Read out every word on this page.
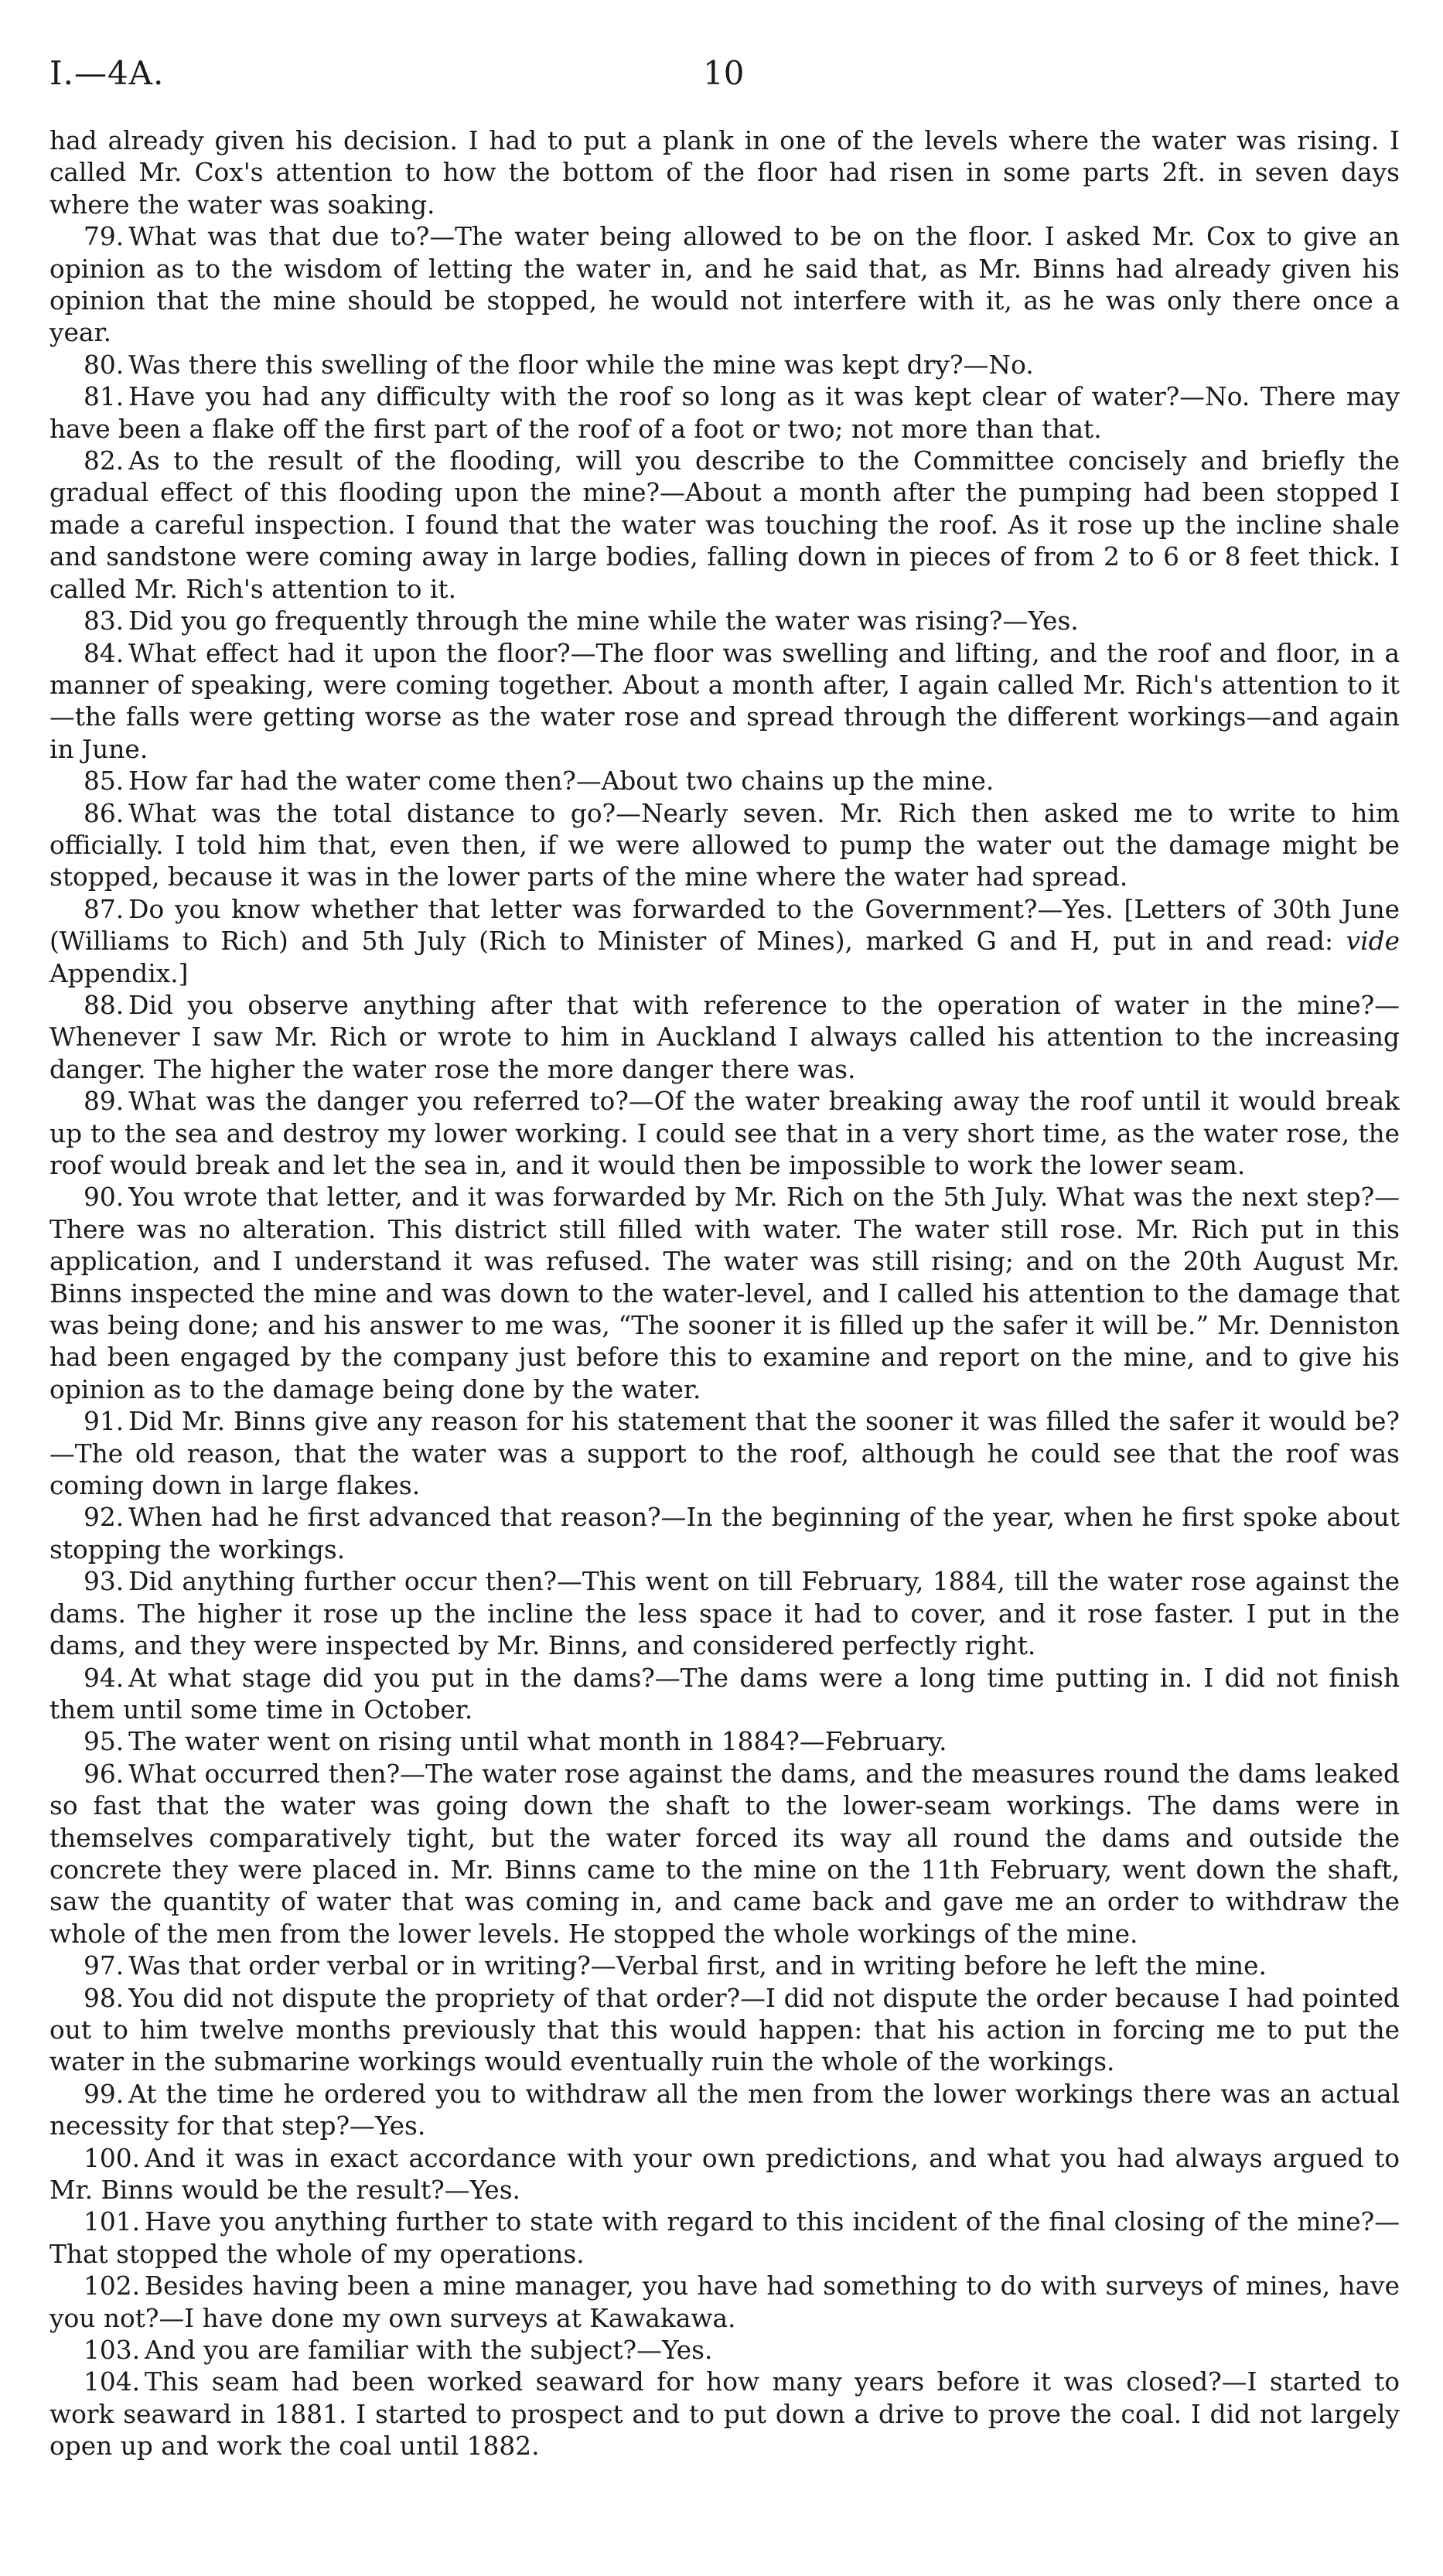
I.—4A.	10

had already given his decision. I had to put a plank in one of the levels where the water was rising. I called Mr. Cox's attention to how the bottom of the floor had risen in some parts 2ft. in seven days where the water was soaking.

79. What was that due to?—The water being allowed to be on the floor. I asked Mr. Cox to give an opinion as to the wisdom of letting the water in, and he said that, as Mr. Binns had already given his opinion that the mine should be stopped, he would not interfere with it, as he was only there once a year.

80. Was there this swelling of the floor while the mine was kept dry?—No.

81. Have you had any difficulty with the roof so long as it was kept clear of water?—No. There may have been a flake off the first part of the roof of a foot or two; not more than that.

82. As to the result of the flooding, will you describe to the Committee concisely and briefly the gradual effect of this flooding upon the mine?—About a month after the pumping had been stopped I made a careful inspection. I found that the water was touching the roof. As it rose up the incline shale and sandstone were coming away in large bodies, falling down in pieces of from 2 to 6 or 8 feet thick. I called Mr. Rich's attention to it.

83. Did you go frequently through the mine while the water was rising?—Yes.

84. What effect had it upon the floor?—The floor was swelling and lifting, and the roof and floor, in a manner of speaking, were coming together. About a month after, I again called Mr. Rich's attention to it—the falls were getting worse as the water rose and spread through the different workings—and again in June.

85. How far had the water come then?—About two chains up the mine.

86. What was the total distance to go?—Nearly seven. Mr. Rich then asked me to write to him officially. I told him that, even then, if we were allowed to pump the water out the damage might be stopped, because it was in the lower parts of the mine where the water had spread.

87. Do you know whether that letter was forwarded to the Government?—Yes. [Letters of 30th June (Williams to Rich) and 5th July (Rich to Minister of Mines), marked G and H, put in and read: vide Appendix.]

88. Did you observe anything after that with reference to the operation of water in the mine?—Whenever I saw Mr. Rich or wrote to him in Auckland I always called his attention to the increasing danger. The higher the water rose the more danger there was.

89. What was the danger you referred to?—Of the water breaking away the roof until it would break up to the sea and destroy my lower working. I could see that in a very short time, as the water rose, the roof would break and let the sea in, and it would then be impossible to work the lower seam.

90. You wrote that letter, and it was forwarded by Mr. Rich on the 5th July. What was the next step?—There was no alteration. This district still filled with water. The water still rose. Mr. Rich put in this application, and I understand it was refused. The water was still rising; and on the 20th August Mr. Binns inspected the mine and was down to the water-level, and I called his attention to the damage that was being done; and his answer to me was, “The sooner it is filled up the safer it will be.” Mr. Denniston had been engaged by the company just before this to examine and report on the mine, and to give his opinion as to the damage being done by the water.

91. Did Mr. Binns give any reason for his statement that the sooner it was filled the safer it would be?—The old reason, that the water was a support to the roof, although he could see that the roof was coming down in large flakes.

92. When had he first advanced that reason?—In the beginning of the year, when he first spoke about stopping the workings.

93. Did anything further occur then?—This went on till February, 1884, till the water rose against the dams. The higher it rose up the incline the less space it had to cover, and it rose faster. I put in the dams, and they were inspected by Mr. Binns, and considered perfectly right.

94. At what stage did you put in the dams?—The dams were a long time putting in. I did not finish them until some time in October.

95. The water went on rising until what month in 1884?—February.

96. What occurred then?—The water rose against the dams, and the measures round the dams leaked so fast that the water was going down the shaft to the lower-seam workings. The dams were in themselves comparatively tight, but the water forced its way all round the dams and outside the concrete they were placed in. Mr. Binns came to the mine on the 11th February, went down the shaft, saw the quantity of water that was coming in, and came back and gave me an order to withdraw the whole of the men from the lower levels. He stopped the whole workings of the mine.

97. Was that order verbal or in writing?—Verbal first, and in writing before he left the mine.

98. You did not dispute the propriety of that order?—I did not dispute the order because I had pointed out to him twelve months previously that this would happen: that his action in forcing me to put the water in the submarine workings would eventually ruin the whole of the workings.

99. At the time he ordered you to withdraw all the men from the lower workings there was an actual necessity for that step?—Yes.

100. And it was in exact accordance with your own predictions, and what you had always argued to Mr. Binns would be the result?—Yes.

101. Have you anything further to state with regard to this incident of the final closing of the mine?—That stopped the whole of my operations.

102. Besides having been a mine manager, you have had something to do with surveys of mines, have you not?—I have done my own surveys at Kawakawa.

103. And you are familiar with the subject?—Yes.

104. This seam had been worked seaward for how many years before it was closed?—I started to work seaward in 1881. I started to prospect and to put down a drive to prove the coal. I did not largely open up and work the coal until 1882.
